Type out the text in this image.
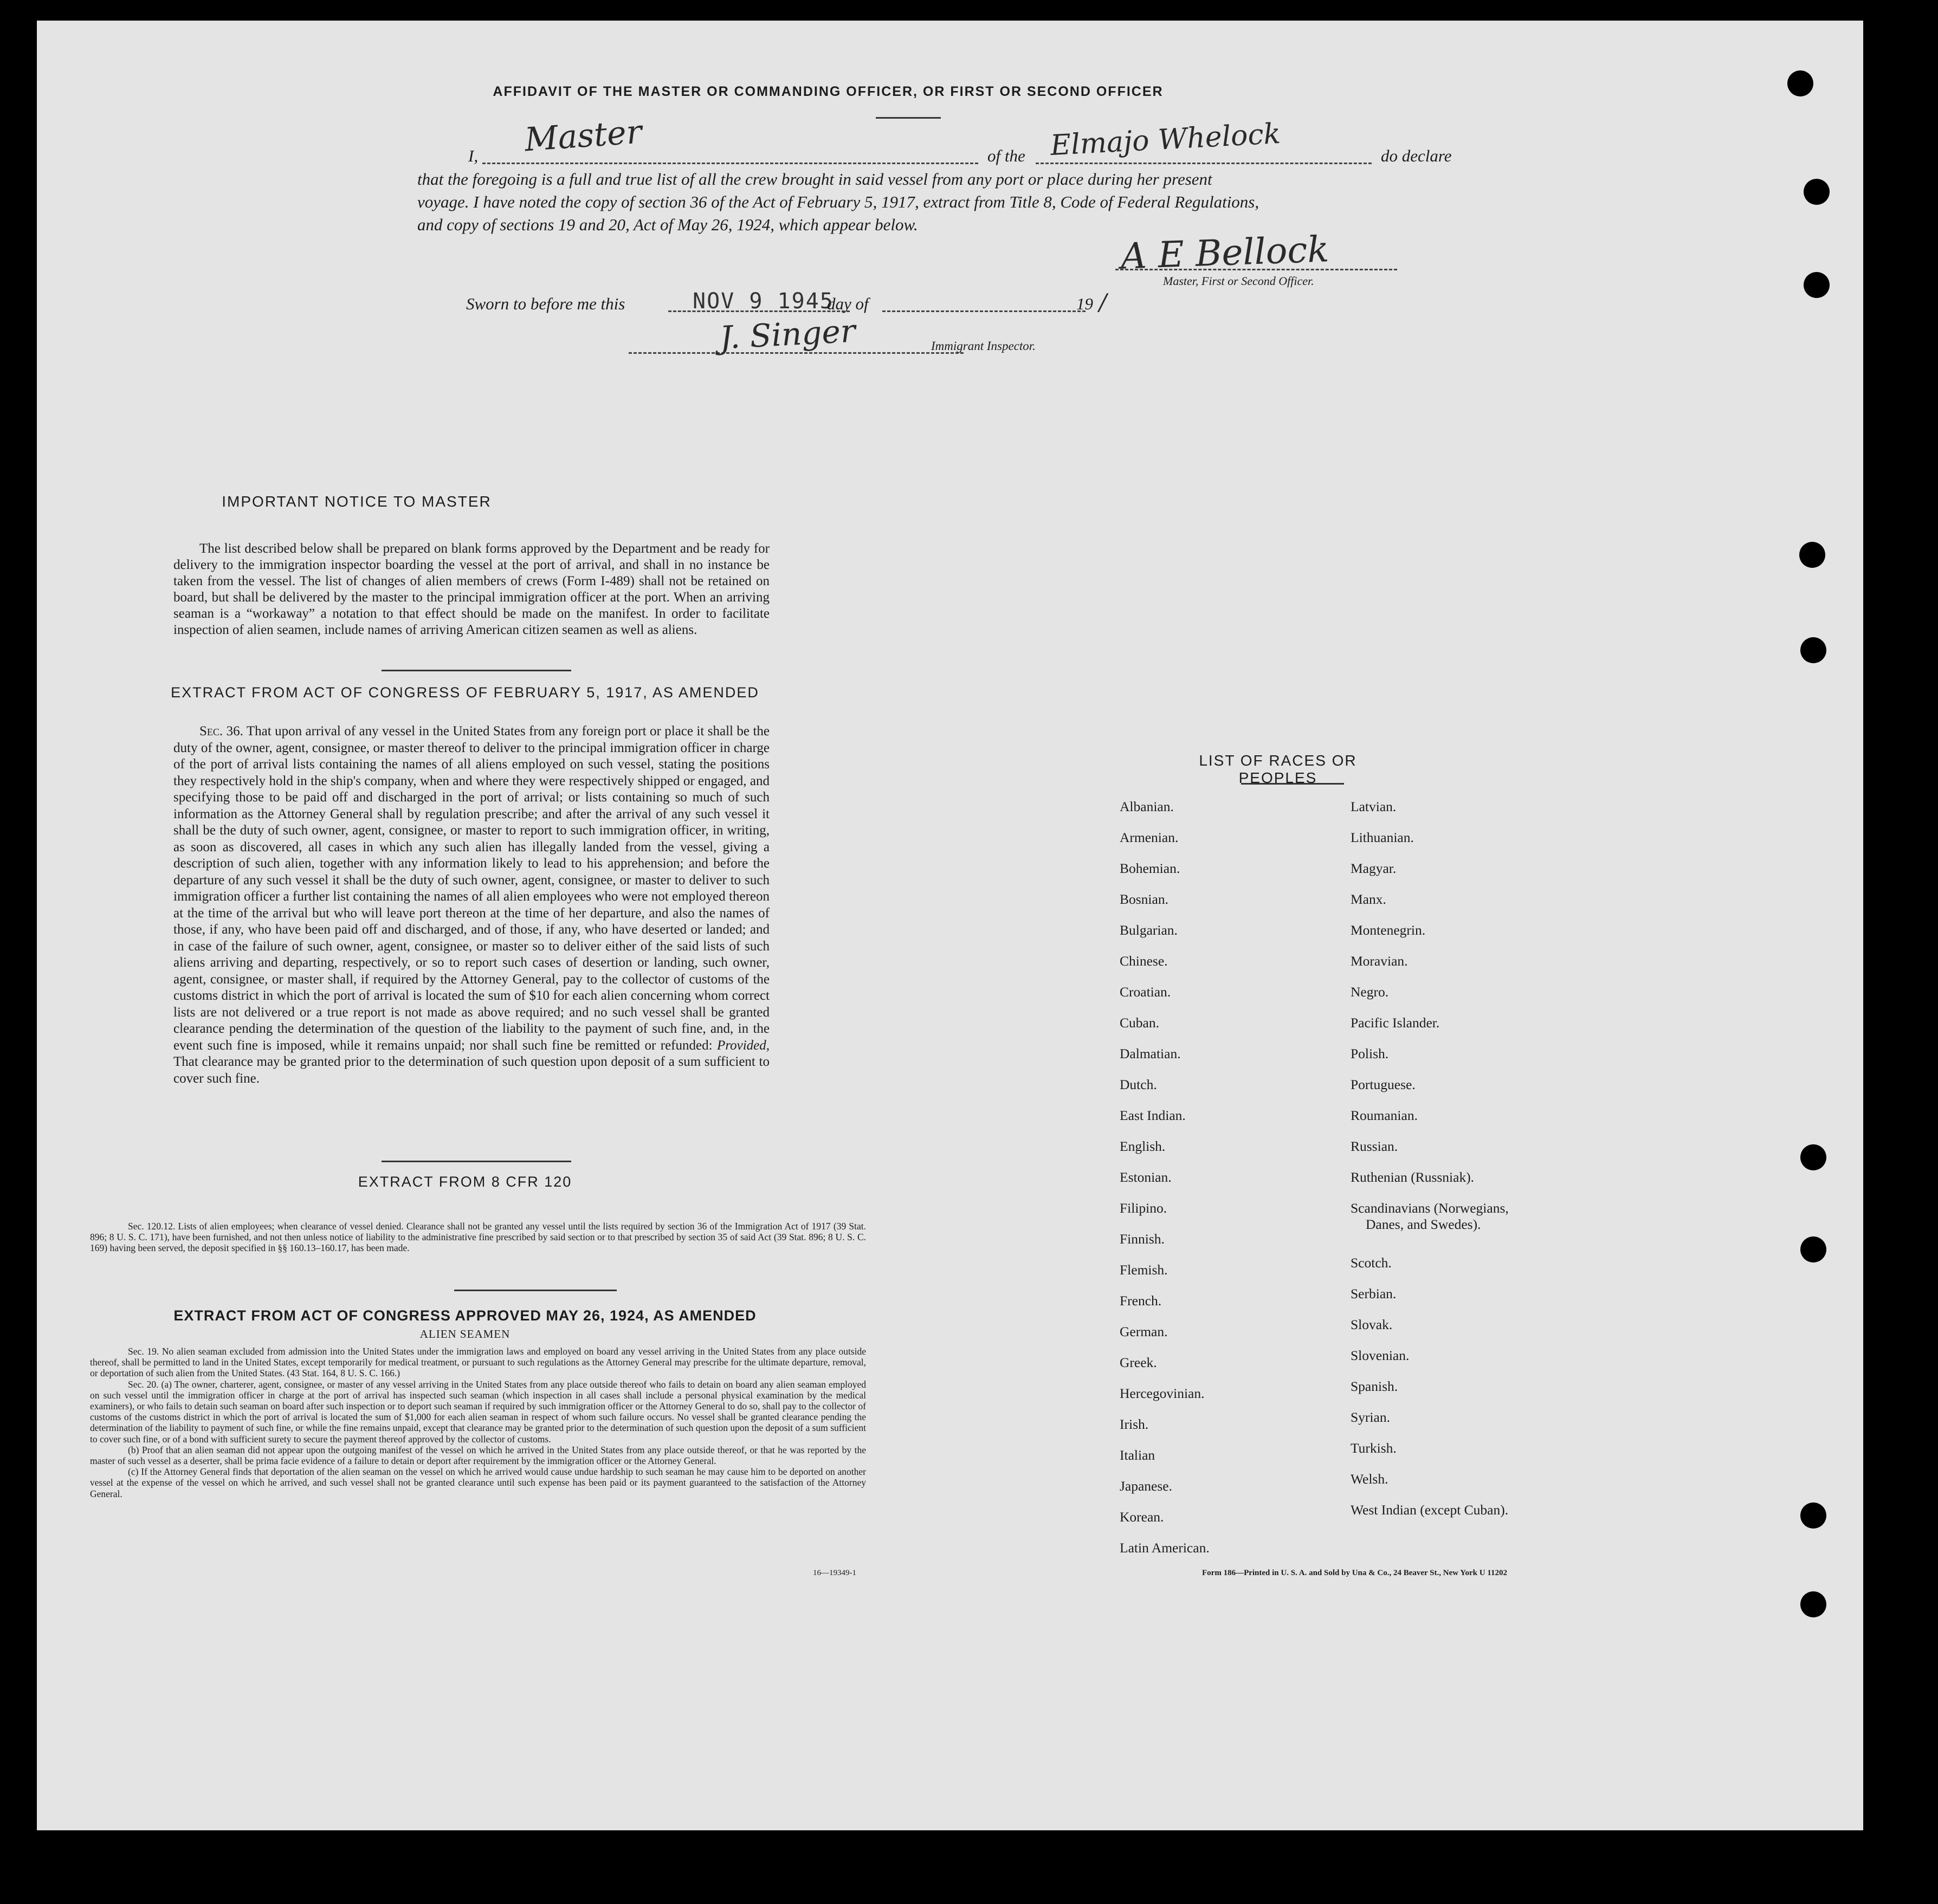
AFFIDAVIT OF THE MASTER OR COMMANDING OFFICER, OR FIRST OR SECOND OFFICER
I, Master	of the Elmajo Whelock	do declare
that the foregoing is a full and true list of all the crew brought in said vessel from any port or place during her present
voyage. I have noted the copy of section 36 of the Act of February 5, 1917, extract from Title 8, Code of Federal Regulations,
and copy of sections 19 and 20, Act of May 26, 1924, which appear below.
A E Bellock
Master, First or Second Officer.
Sworn to before me this	NOV 9 1945
day of	19 /
J. Singer	Immigrant Inspector.
IMPORTANT NOTICE TO MASTER

The list described below shall be prepared on blank forms approved by the Department and be ready for delivery to the immigration inspector boarding the vessel at the port of arrival, and shall in no instance be taken from the vessel. The list of changes of alien members of crews (Form I-489) shall not be retained on board, but shall be delivered by the master to the principal immigration officer at the port. When an arriving seaman is a “workaway” a notation to that effect should be made on the manifest. In order to facilitate inspection of alien seamen, include names of arriving American citizen seamen as well as aliens.

EXTRACT FROM ACT OF CONGRESS OF FEBRUARY 5, 1917, AS AMENDED

Sec. 36. That upon arrival of any vessel in the United States from any foreign port or place it shall be the duty of the owner, agent, consignee, or master thereof to deliver to the principal immigration officer in charge of the port of arrival lists containing the names of all aliens employed on such vessel, stating the positions they respectively hold in the ship's company, when and where they were respectively shipped or engaged, and specifying those to be paid off and discharged in the port of arrival; or lists containing so much of such information as the Attorney General shall by regulation prescribe; and after the arrival of any such vessel it shall be the duty of such owner, agent, consignee, or master to report to such immigration officer, in writing, as soon as discovered, all cases in which any such alien has illegally landed from the vessel, giving a description of such alien, together with any information likely to lead to his apprehension; and before the departure of any such vessel it shall be the duty of such owner, agent, consignee, or master to deliver to such immigration officer a further list containing the names of all alien employees who were not employed thereon at the time of the arrival but who will leave port thereon at the time of her departure, and also the names of those, if any, who have been paid off and discharged, and of those, if any, who have deserted or landed; and in case of the failure of such owner, agent, consignee, or master so to deliver either of the said lists of such aliens arriving and departing, respectively, or so to report such cases of desertion or landing, such owner, agent, consignee, or master shall, if required by the Attorney General, pay to the collector of customs of the customs district in which the port of arrival is located the sum of $10 for each alien concerning whom correct lists are not delivered or a true report is not made as above required; and no such vessel shall be granted clearance pending the determination of the question of the liability to the payment of such fine, and, in the event such fine is imposed, while it remains unpaid; nor shall such fine be remitted or refunded: Provided, That clearance may be granted prior to the determination of such question upon deposit of a sum sufficient to cover such fine.

EXTRACT FROM 8 CFR 120

Sec. 120.12. Lists of alien employees; when clearance of vessel denied. Clearance shall not be granted any vessel until the lists required by section 36 of the Immigration Act of 1917 (39 Stat. 896; 8 U. S. C. 171), have been furnished, and not then unless notice of liability to the administrative fine prescribed by said section or to that prescribed by section 35 of said Act (39 Stat. 896; 8 U. S. C. 169) having been served, the deposit specified in §§ 160.13–160.17, has been made.

EXTRACT FROM ACT OF CONGRESS APPROVED MAY 26, 1924, AS AMENDED
ALIEN SEAMEN

Sec. 19. No alien seaman excluded from admission into the United States under the immigration laws and employed on board any vessel arriving in the United States from any place outside thereof, shall be permitted to land in the United States, except temporarily for medical treatment, or pursuant to such regulations as the Attorney General may prescribe for the ultimate departure, removal, or deportation of such alien from the United States. (43 Stat. 164, 8 U. S. C. 166.)

Sec. 20. (a) The owner, charterer, agent, consignee, or master of any vessel arriving in the United States from any place outside thereof who fails to detain on board any alien seaman employed on such vessel until the immigration officer in charge at the port of arrival has inspected such seaman (which inspection in all cases shall include a personal physical examination by the medical examiners), or who fails to detain such seaman on board after such inspection or to deport such seaman if required by such immigration officer or the Attorney General to do so, shall pay to the collector of customs of the customs district in which the port of arrival is located the sum of $1,000 for each alien seaman in respect of whom such failure occurs. No vessel shall be granted clearance pending the determination of the liability to payment of such fine, or while the fine remains unpaid, except that clearance may be granted prior to the determination of such question upon the deposit of a sum sufficient to cover such fine, or of a bond with sufficient surety to secure the payment thereof approved by the collector of customs.

(b) Proof that an alien seaman did not appear upon the outgoing manifest of the vessel on which he arrived in the United States from any place outside thereof, or that he was reported by the master of such vessel as a deserter, shall be prima facie evidence of a failure to detain or deport after requirement by the immigration officer or the Attorney General.

(c) If the Attorney General finds that deportation of the alien seaman on the vessel on which he arrived would cause undue hardship to such seaman he may cause him to be deported on another vessel at the expense of the vessel on which he arrived, and such vessel shall not be granted clearance until such expense has been paid or its payment guaranteed to the satisfaction of the Attorney General.

16—19349-1
LIST OF RACES OR PEOPLES
Albanian.
Armenian.
Bohemian.
Bosnian.
Bulgarian.
Chinese.
Croatian.
Cuban.
Dalmatian.
Dutch.
East Indian.
English.
Estonian.
Filipino.
Finnish.
Flemish.
French.
German.
Greek.
Hercegovinian.
Irish.
Italian
Japanese.
Korean.
Latin American.
Latvian.
Lithuanian.
Magyar.
Manx.
Montenegrin.
Moravian.
Negro.
Pacific Islander.
Polish.
Portuguese.
Roumanian.
Russian.
Ruthenian (Russniak).
Scandinavians (Norwegians,
Danes, and Swedes).
Scotch.
Serbian.
Slovak.
Slovenian.
Spanish.
Syrian.
Turkish.
Welsh.
West Indian (except Cuban).
Form 186—Printed in U. S. A. and Sold by Una & Co., 24 Beaver St., New York U 11202
